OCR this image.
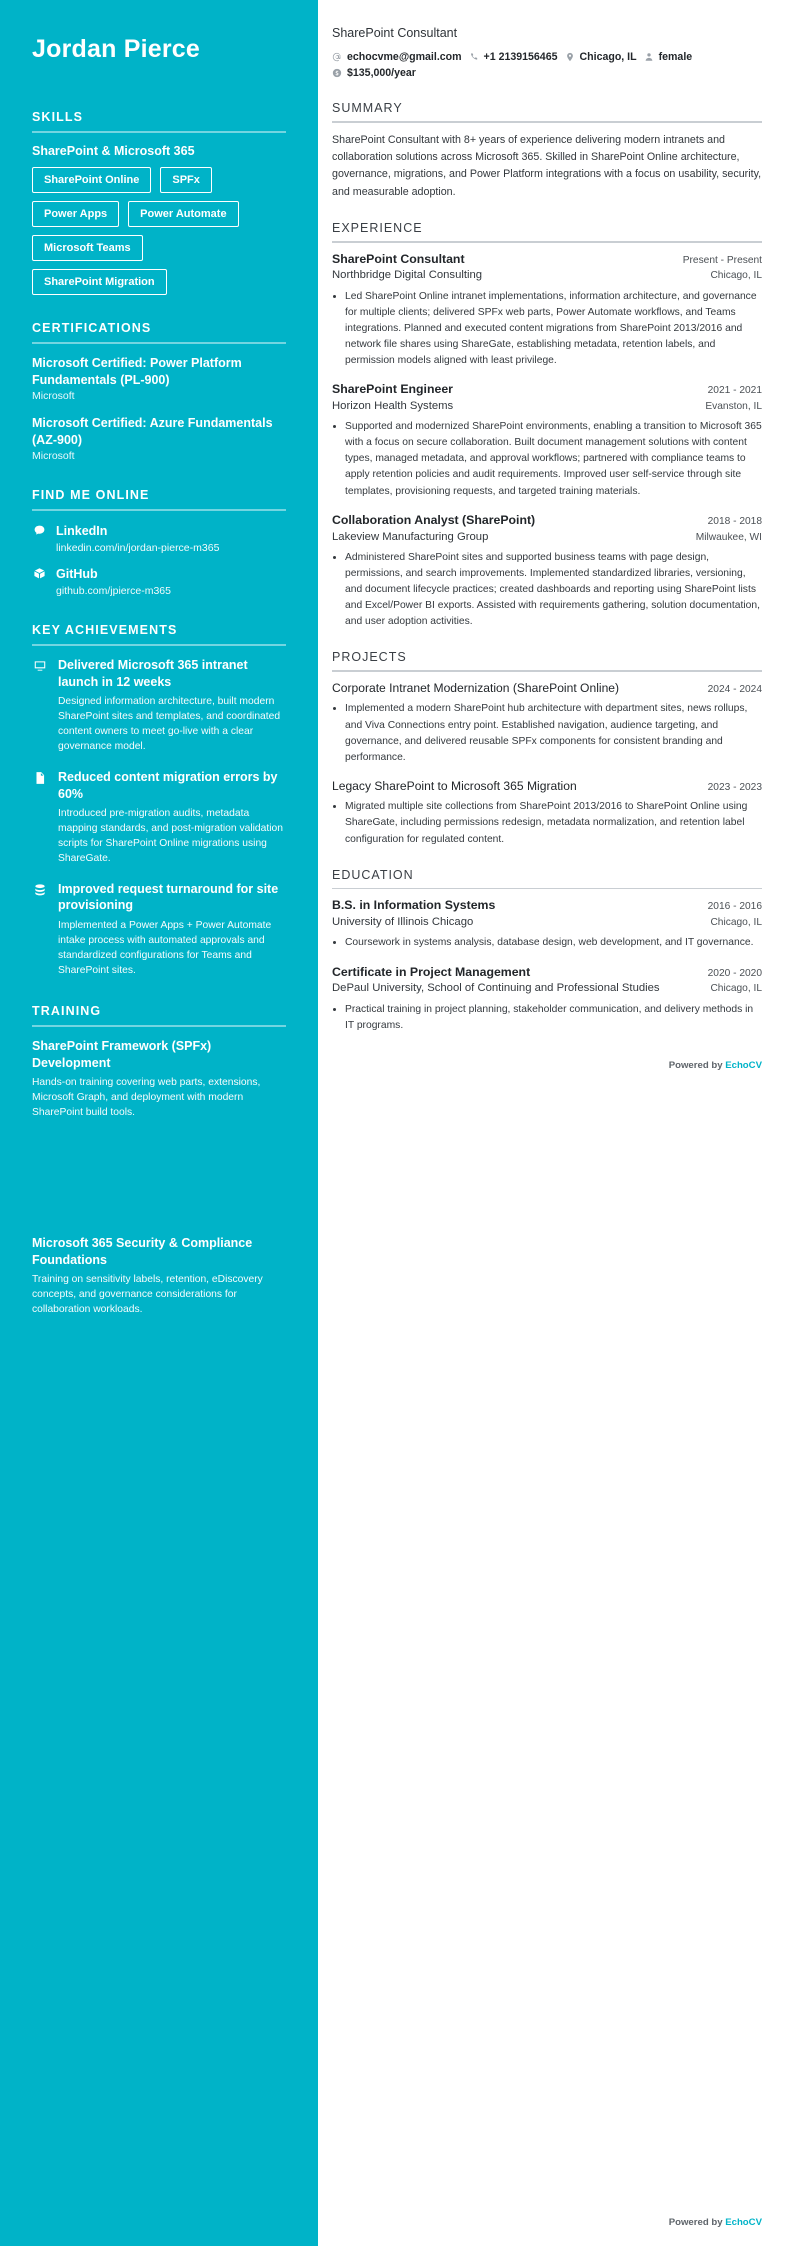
Jordan Pierce
SKILLS
SharePoint & Microsoft 365
SharePoint Online	SPFx
Power Apps	Power Automate
Microsoft Teams
SharePoint Migration
CERTIFICATIONS
Microsoft Certified: Power Platform Fundamentals (PL-900)
Microsoft
Microsoft Certified: Azure Fundamentals (AZ-900)
Microsoft
FIND ME ONLINE
LinkedIn
linkedin.com/in/jordan-pierce-m365
GitHub
github.com/jpierce-m365
KEY ACHIEVEMENTS
Delivered Microsoft 365 intranet launch in 12 weeks
Designed information architecture, built modern SharePoint sites and templates, and coordinated content owners to meet go-live with a clear governance model.
Reduced content migration errors by 60%
Introduced pre-migration audits, metadata mapping standards, and post-migration validation scripts for SharePoint Online migrations using ShareGate.
Improved request turnaround for site provisioning
Implemented a Power Apps + Power Automate intake process with automated approvals and standardized configurations for Teams and SharePoint sites.
TRAINING
SharePoint Framework (SPFx) Development
Hands-on training covering web parts, extensions, Microsoft Graph, and deployment with modern SharePoint build tools.
Microsoft 365 Security & Compliance Foundations
Training on sensitivity labels, retention, eDiscovery concepts, and governance considerations for collaboration workloads.
SharePoint Consultant
echocvme@gmail.com +1 2139156465 Chicago, IL female
$135,000/year
SUMMARY

SharePoint Consultant with 8+ years of experience delivering modern intranets and collaboration solutions across Microsoft 365. Skilled in SharePoint Online architecture, governance, migrations, and Power Platform integrations with a focus on usability, security, and measurable adoption.

EXPERIENCE
SharePoint Consultant	Present - Present
Northbridge Digital Consulting	Chicago, IL
• Led SharePoint Online intranet implementations, information architecture, and governance for multiple clients; delivered SPFx web parts, Power Automate workflows, and Teams integrations. Planned and executed content migrations from SharePoint 2013/2016 and network file shares using ShareGate, establishing metadata, retention labels, and permission models aligned with least privilege.
SharePoint Engineer	2021 - 2021
Horizon Health Systems	Evanston, IL
• Supported and modernized SharePoint environments, enabling a transition to Microsoft 365 with a focus on secure collaboration. Built document management solutions with content types, managed metadata, and approval workflows; partnered with compliance teams to apply retention policies and audit requirements. Improved user self-service through site templates, provisioning requests, and targeted training materials.
Collaboration Analyst (SharePoint)	2018 - 2018
Lakeview Manufacturing Group	Milwaukee, WI
• Administered SharePoint sites and supported business teams with page design, permissions, and search improvements. Implemented standardized libraries, versioning, and document lifecycle practices; created dashboards and reporting using SharePoint lists and Excel/Power BI exports. Assisted with requirements gathering, solution documentation, and user adoption activities.
PROJECTS
Corporate Intranet Modernization (SharePoint Online)	2024 - 2024
• Implemented a modern SharePoint hub architecture with department sites, news rollups, and Viva Connections entry point. Established navigation, audience targeting, and governance, and delivered reusable SPFx components for consistent branding and performance.
Legacy SharePoint to Microsoft 365 Migration	2023 - 2023
• Migrated multiple site collections from SharePoint 2013/2016 to SharePoint Online using ShareGate, including permissions redesign, metadata normalization, and retention label configuration for regulated content.
EDUCATION
B.S. in Information Systems	2016 - 2016
University of Illinois Chicago	Chicago, IL
• Coursework in systems analysis, database design, web development, and IT governance.
Certificate in Project Management	2020 - 2020
DePaul University, School of Continuing and Professional Studies	Chicago, IL
• Practical training in project planning, stakeholder communication, and delivery methods in IT programs.
Powered by EchoCV
Powered by EchoCV
